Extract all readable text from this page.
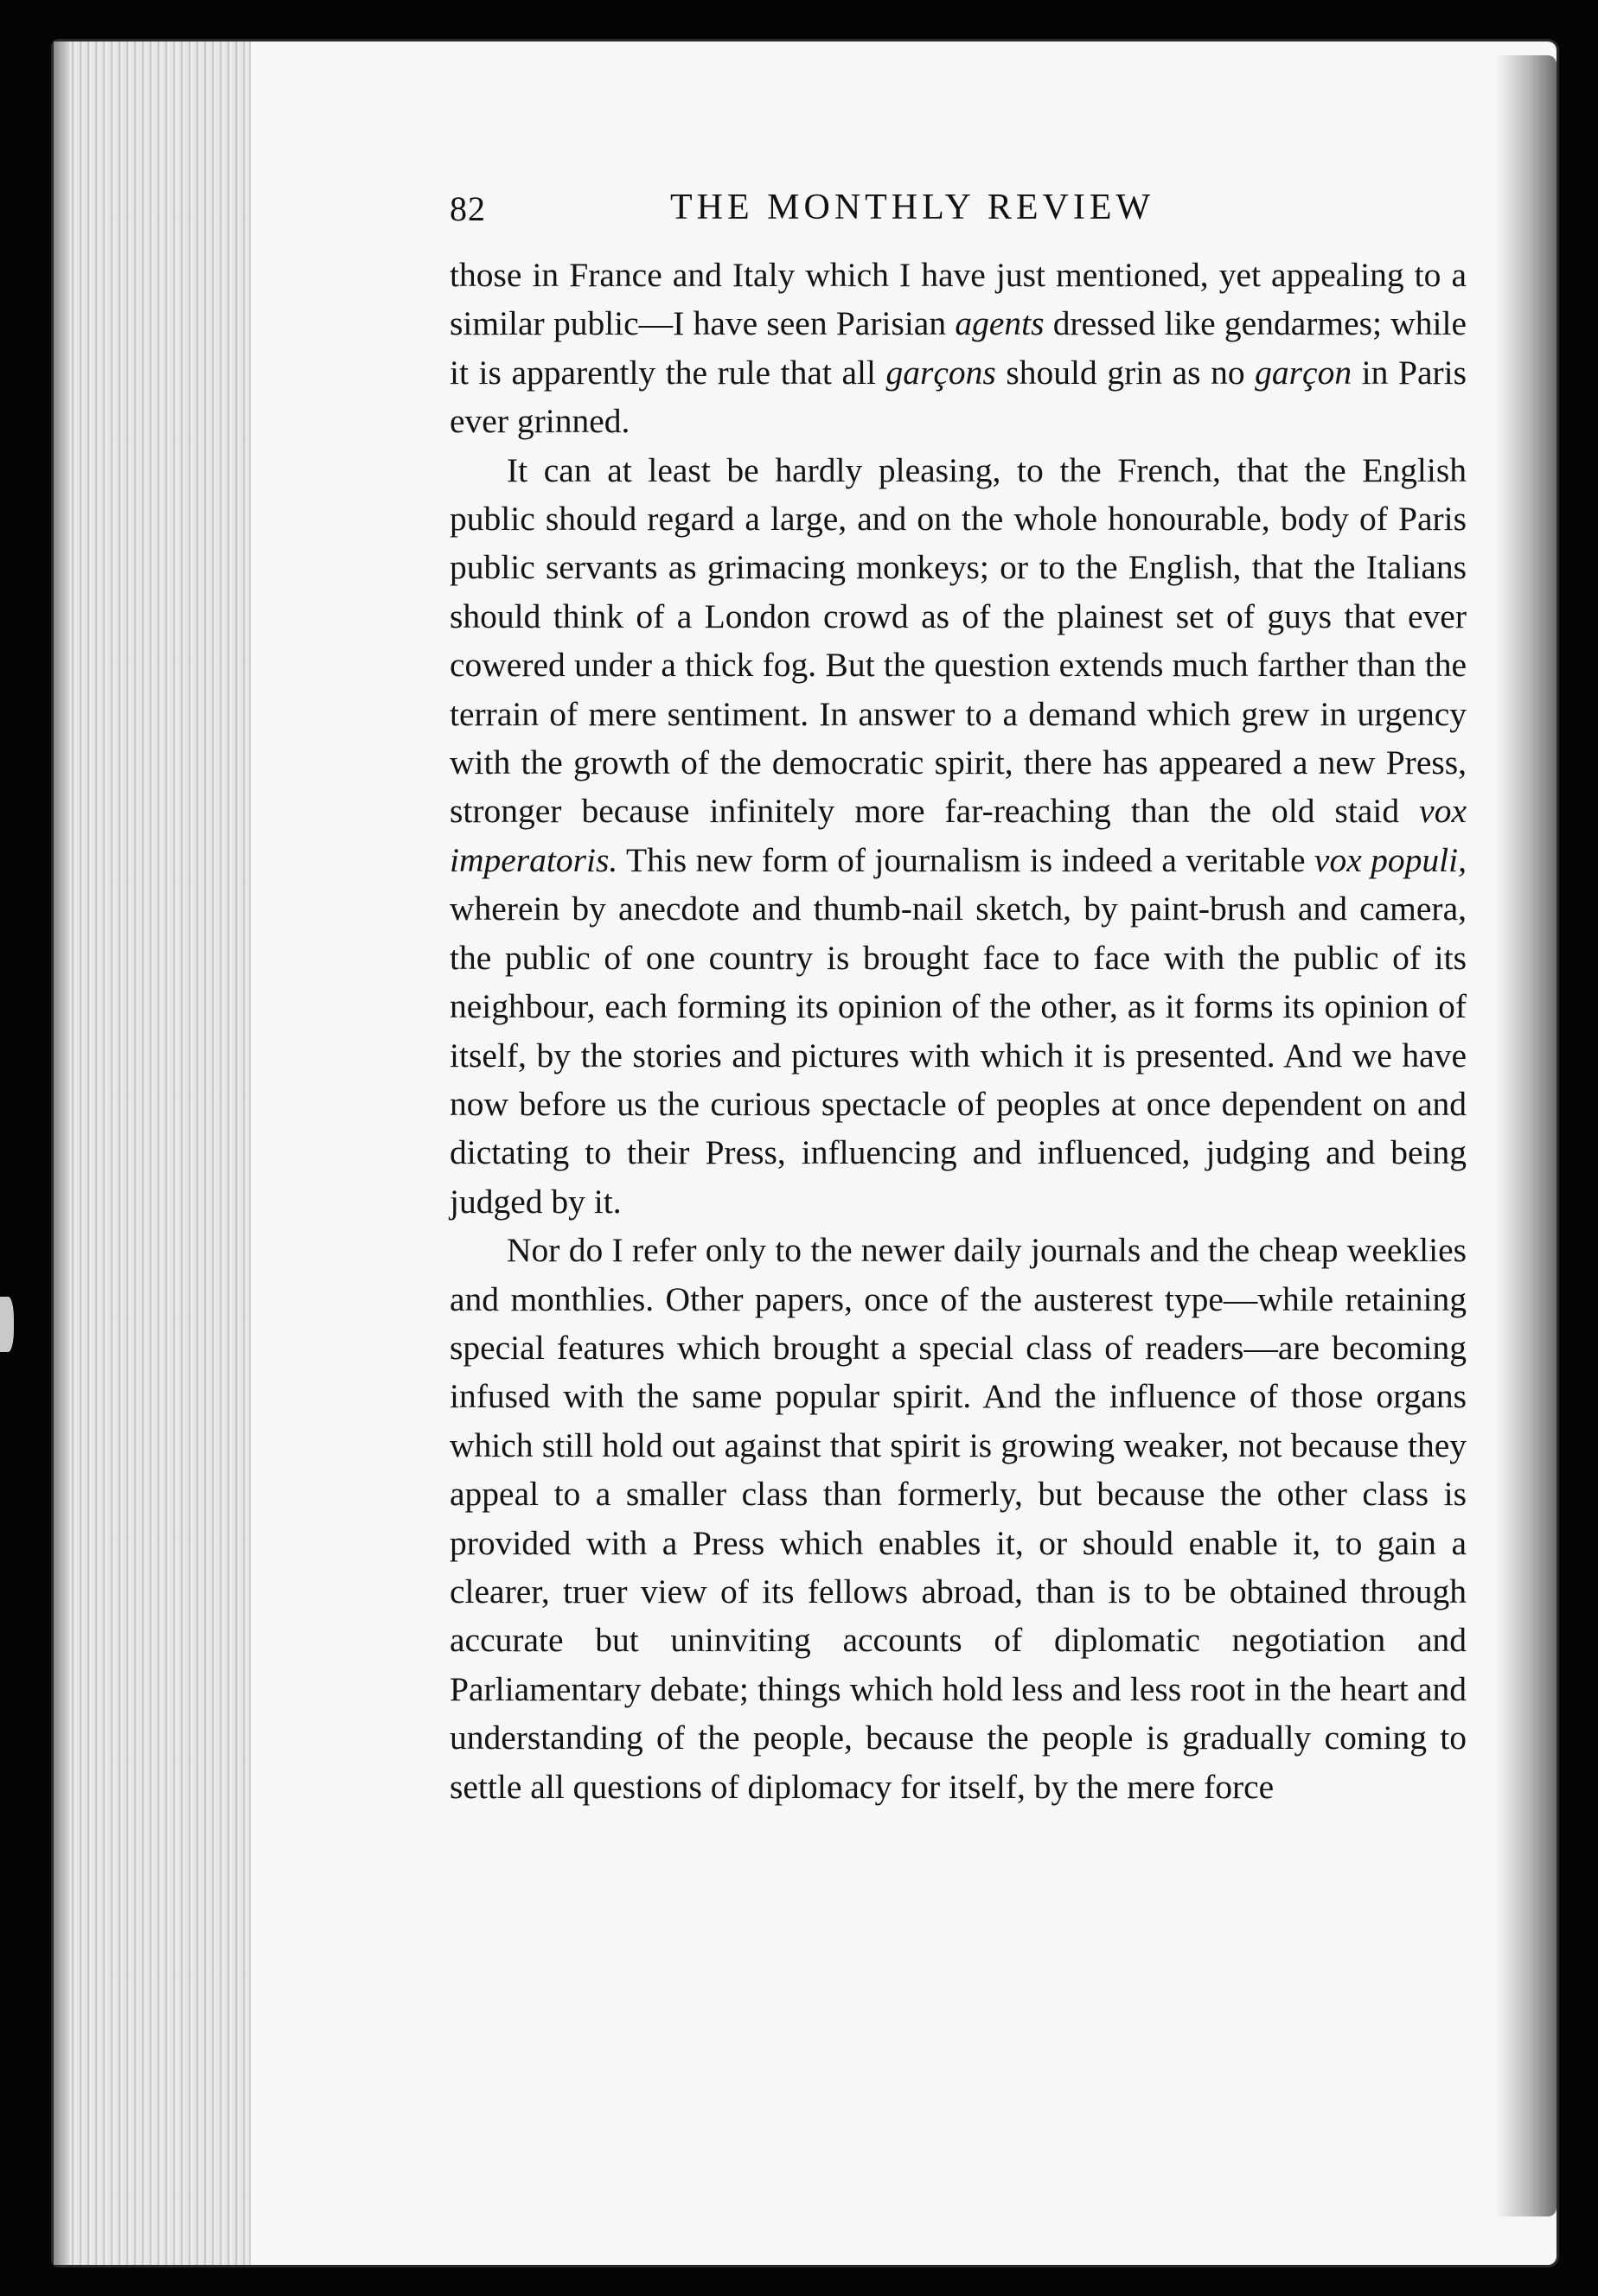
82	THE MONTHLY REVIEW

those in France and Italy which I have just mentioned, yet appealing to a similar public—I have seen Parisian agents dressed like gendarmes; while it is apparently the rule that all garçons should grin as no garçon in Paris ever grinned.

It can at least be hardly pleasing, to the French, that the English public should regard a large, and on the whole honourable, body of Paris public servants as grimacing monkeys; or to the English, that the Italians should think of a London crowd as of the plainest set of guys that ever cowered under a thick fog. But the question extends much farther than the terrain of mere sentiment. In answer to a demand which grew in urgency with the growth of the democratic spirit, there has appeared a new Press, stronger because infinitely more far-reaching than the old staid vox imperatoris. This new form of journalism is indeed a veritable vox populi, wherein by anecdote and thumb-nail sketch, by paint-brush and camera, the public of one country is brought face to face with the public of its neighbour, each forming its opinion of the other, as it forms its opinion of itself, by the stories and pictures with which it is presented. And we have now before us the curious spectacle of peoples at once dependent on and dictating to their Press, influencing and influenced, judging and being judged by it.

Nor do I refer only to the newer daily journals and the cheap weeklies and monthlies. Other papers, once of the austerest type—while retaining special features which brought a special class of readers—are becoming infused with the same popular spirit. And the influence of those organs which still hold out against that spirit is growing weaker, not because they appeal to a smaller class than formerly, but because the other class is provided with a Press which enables it, or should enable it, to gain a clearer, truer view of its fellows abroad, than is to be obtained through accurate but uninviting accounts of diplomatic negotiation and Parliamentary debate; things which hold less and less root in the heart and understanding of the people, because the people is gradually coming to settle all questions of diplomacy for itself, by the mere force
